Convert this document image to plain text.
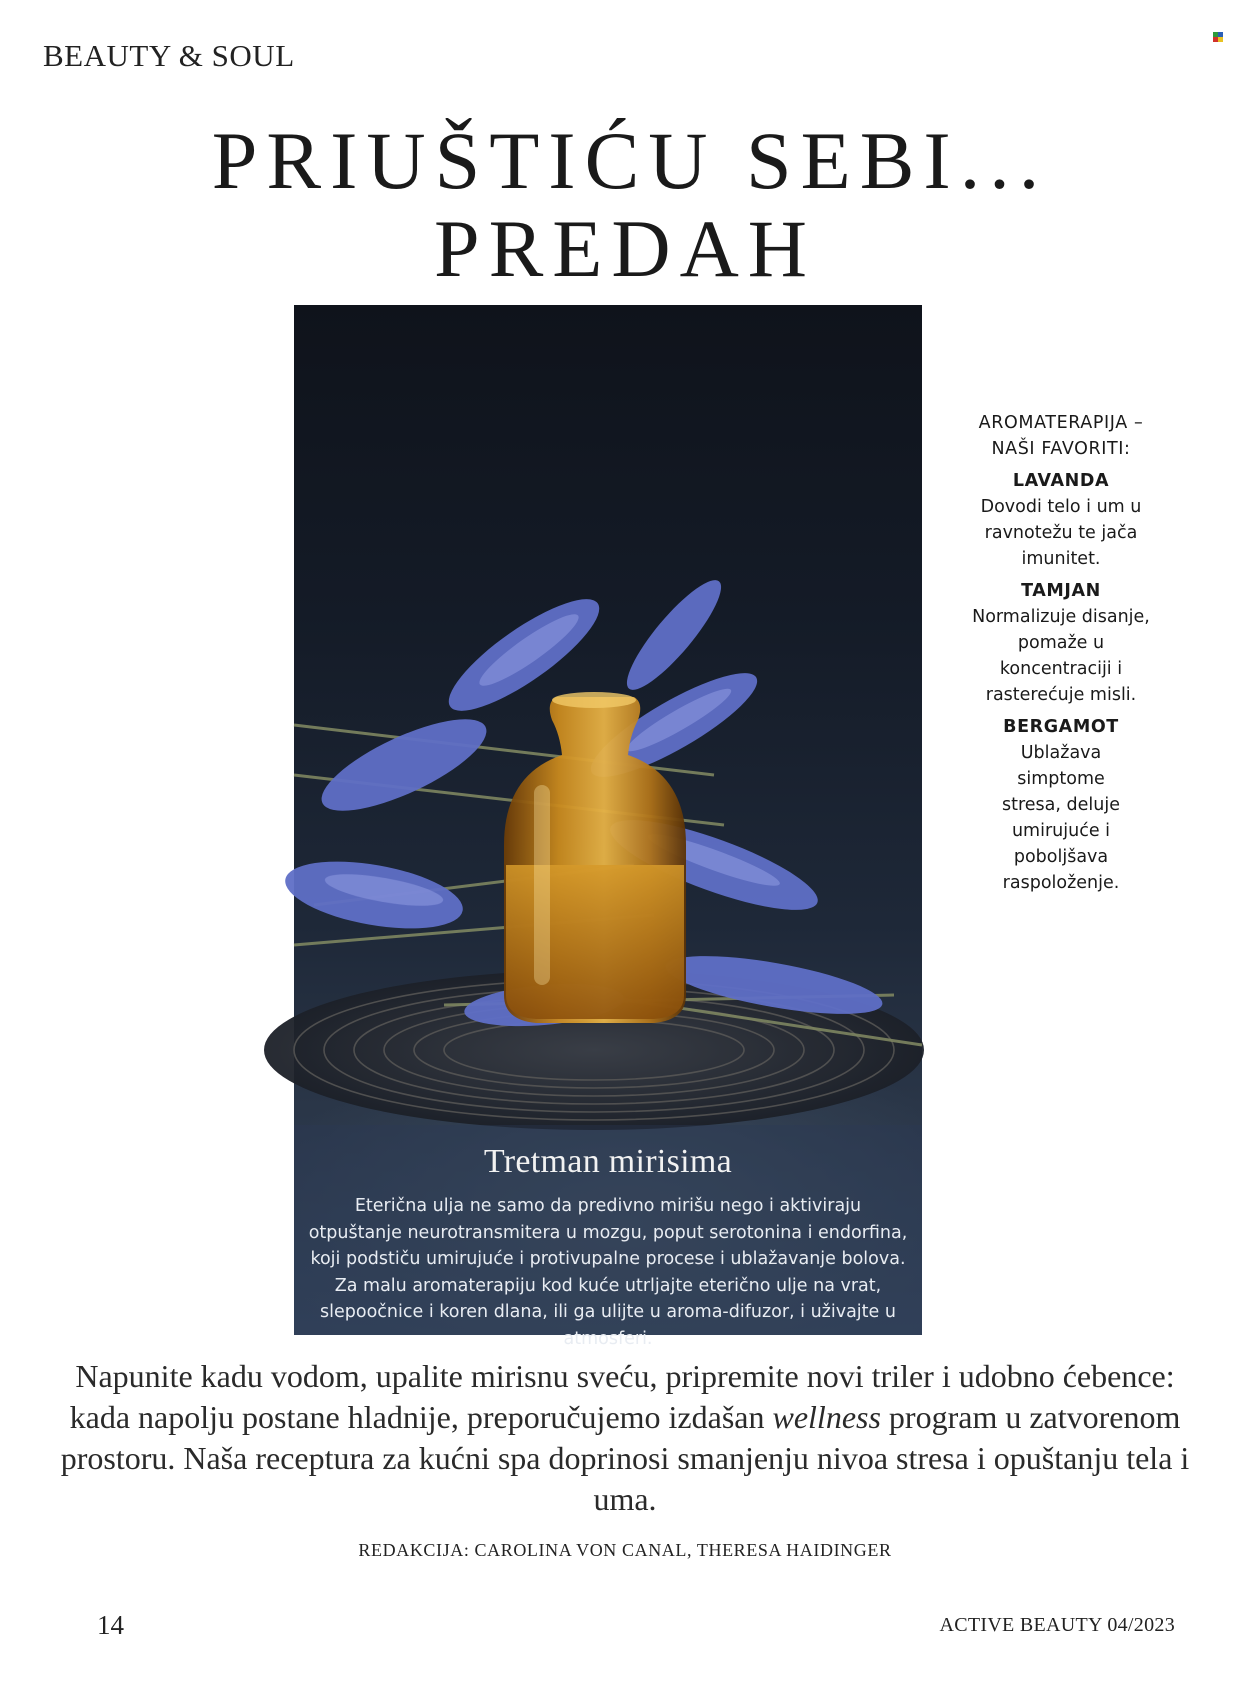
BEAUTY & SOUL
PRIUŠTIĆU SEBI...
PREDAH
Tretman mirisima

Eterična ulja ne samo da predivno mirišu nego i aktiviraju otpuštanje neurotransmitera u mozgu, poput serotonina i endorfina, koji podstiču umirujuće i protivupalne procese i ublažavanje bolova. Za malu aromaterapiju kod kuće utrljajte eterično ulje na vrat, slepoočnice i koren dlana, ili ga ulijte u aroma-difuzor, i uživajte u atmosferi.

AROMATERAPIJA –
NAŠI FAVORITI:
LAVANDA
Dovodi telo i um u ravnotežu te jača imunitet.
TAMJAN
Normalizuje disanje, pomaže u koncentraciji i rasterećuje misli.
BERGAMOT
Ublažava simptome stresa, deluje umirujuće i poboljšava raspoloženje.
Napunite kadu vodom, upalite mirisnu sveću, pripremite novi triler i udobno ćebence: kada napolju postane hladnije, preporučujemo izdašan wellness program u zatvorenom prostoru. Naša receptura za kućni spa doprinosi smanjenju nivoa stresa i opuštanju tela i uma.
REDAKCIJA: CAROLINA VON CANAL, THERESA HAIDINGER
14	ACTIVE BEAUTY 04/2023
